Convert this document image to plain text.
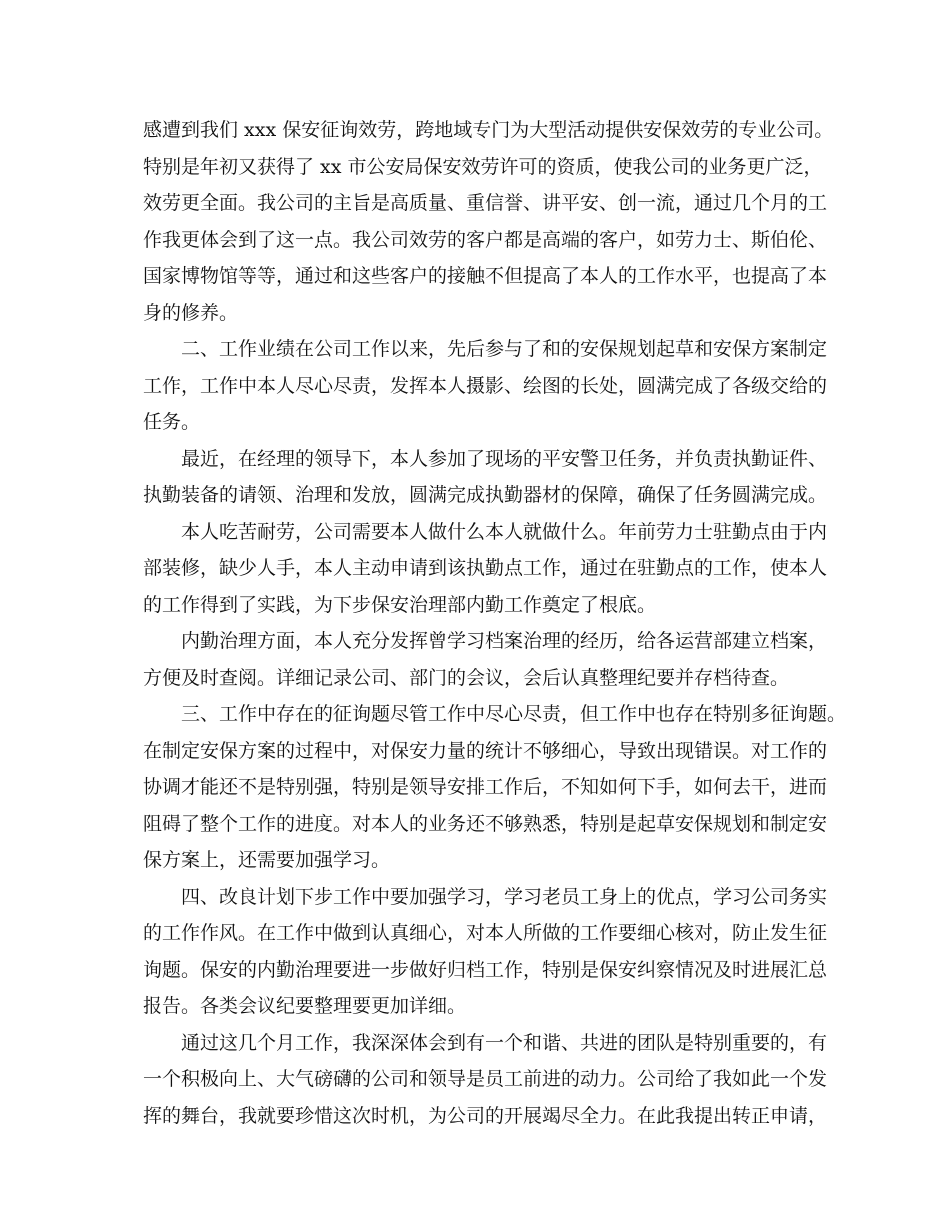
感遭到我们 xxx 保安征询效劳，跨地域专门为大型活动提供安保效劳的专业公司。
特别是年初又获得了 xx 市公安局保安效劳许可的资质，使我公司的业务更广泛，
效劳更全面。我公司的主旨是高质量、重信誉、讲平安、创一流，通过几个月的工
作我更体会到了这一点。我公司效劳的客户都是高端的客户，如劳力士、斯伯伦、
国家博物馆等等，通过和这些客户的接触不但提高了本人的工作水平，也提高了本
身的修养。
二、工作业绩在公司工作以来，先后参与了和的安保规划起草和安保方案制定
工作，工作中本人尽心尽责，发挥本人摄影、绘图的长处，圆满完成了各级交给的
任务。
最近，在经理的领导下，本人参加了现场的平安警卫任务，并负责执勤证件、
执勤装备的请领、治理和发放，圆满完成执勤器材的保障，确保了任务圆满完成。
本人吃苦耐劳，公司需要本人做什么本人就做什么。年前劳力士驻勤点由于内
部装修，缺少人手，本人主动申请到该执勤点工作，通过在驻勤点的工作，使本人
的工作得到了实践，为下步保安治理部内勤工作奠定了根底。
内勤治理方面，本人充分发挥曾学习档案治理的经历，给各运营部建立档案，
方便及时查阅。详细记录公司、部门的会议，会后认真整理纪要并存档待查。
三、工作中存在的征询题尽管工作中尽心尽责，但工作中也存在特别多征询题。
在制定安保方案的过程中，对保安力量的统计不够细心，导致出现错误。对工作的
协调才能还不是特别强，特别是领导安排工作后，不知如何下手，如何去干，进而
阻碍了整个工作的进度。对本人的业务还不够熟悉，特别是起草安保规划和制定安
保方案上，还需要加强学习。
四、改良计划下步工作中要加强学习，学习老员工身上的优点，学习公司务实
的工作作风。在工作中做到认真细心，对本人所做的工作要细心核对，防止发生征
询题。保安的内勤治理要进一步做好归档工作，特别是保安纠察情况及时进展汇总
报告。各类会议纪要整理要更加详细。
通过这几个月工作，我深深体会到有一个和谐、共进的团队是特别重要的，有
一个积极向上、大气磅礴的公司和领导是员工前进的动力。公司给了我如此一个发
挥的舞台，我就要珍惜这次时机，为公司的开展竭尽全力。在此我提出转正申请，
